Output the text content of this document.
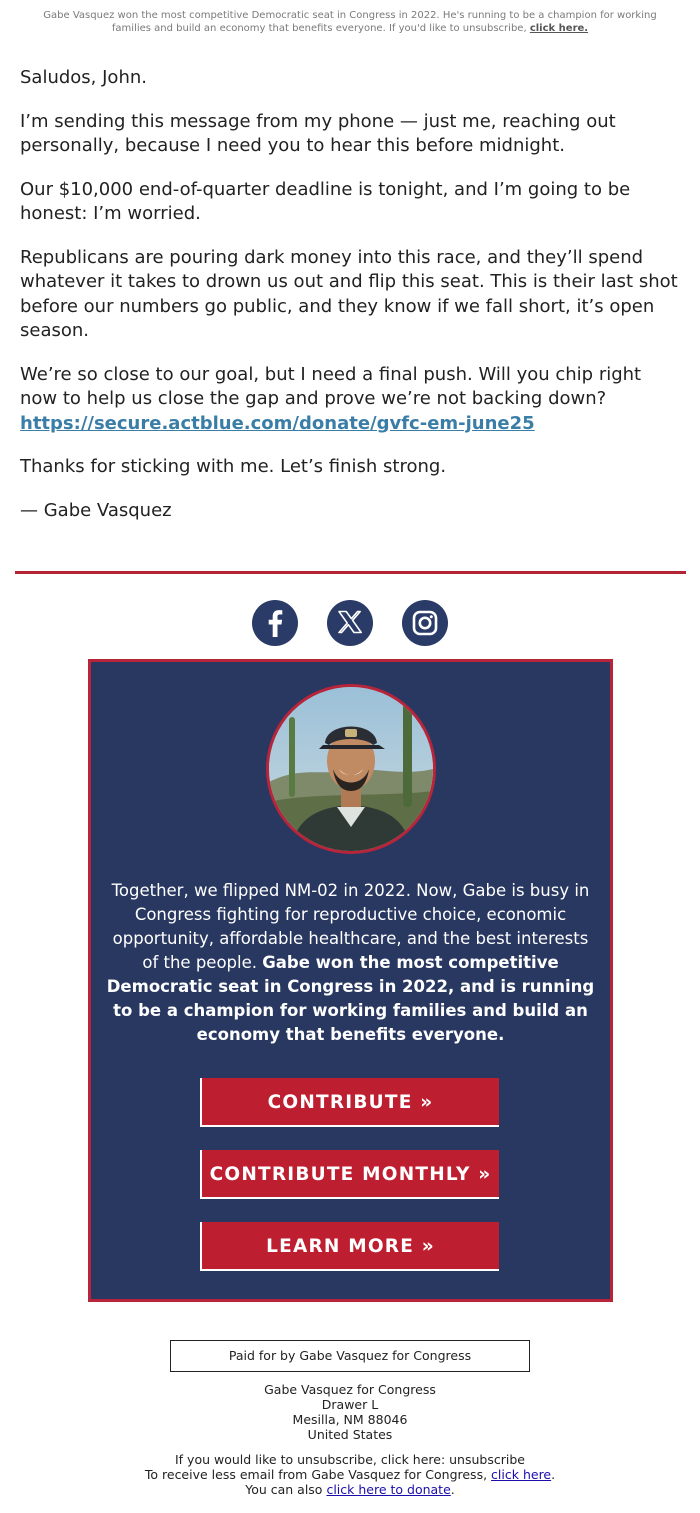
Gabe Vasquez won the most competitive Democratic seat in Congress in 2022. He's running to be a champion for working families and build an economy that benefits everyone. If you'd like to unsubscribe, click here.

Saludos, John.

I’m sending this message from my phone — just me, reaching out personally, because I need you to hear this before midnight.

Our $10,000 end-of-quarter deadline is tonight, and I’m going to be honest: I’m worried.

Republicans are pouring dark money into this race, and they’ll spend whatever it takes to drown us out and flip this seat. This is their last shot before our numbers go public, and they know if we fall short, it’s open season.

We’re so close to our goal, but I need a final push. Will you chip right now to help us close the gap and prove we’re not backing down?
https://secure.actblue.com/donate/gvfc-em-june25

Thanks for sticking with me. Let’s finish strong.

— Gabe Vasquez

Together, we flipped NM-02 in 2022. Now, Gabe is busy in Congress fighting for reproductive choice, economic opportunity, affordable healthcare, and the best interests of the people. Gabe won the most competitive Democratic seat in Congress in 2022, and is running to be a champion for working families and build an economy that benefits everyone.
CONTRIBUTE »
CONTRIBUTE MONTHLY »
LEARN MORE »
Paid for by Gabe Vasquez for Congress
Gabe Vasquez for Congress
Drawer L
Mesilla, NM 88046
United States
If you would like to unsubscribe, click here: unsubscribe
To receive less email from Gabe Vasquez for Congress, click here.
You can also click here to donate.
